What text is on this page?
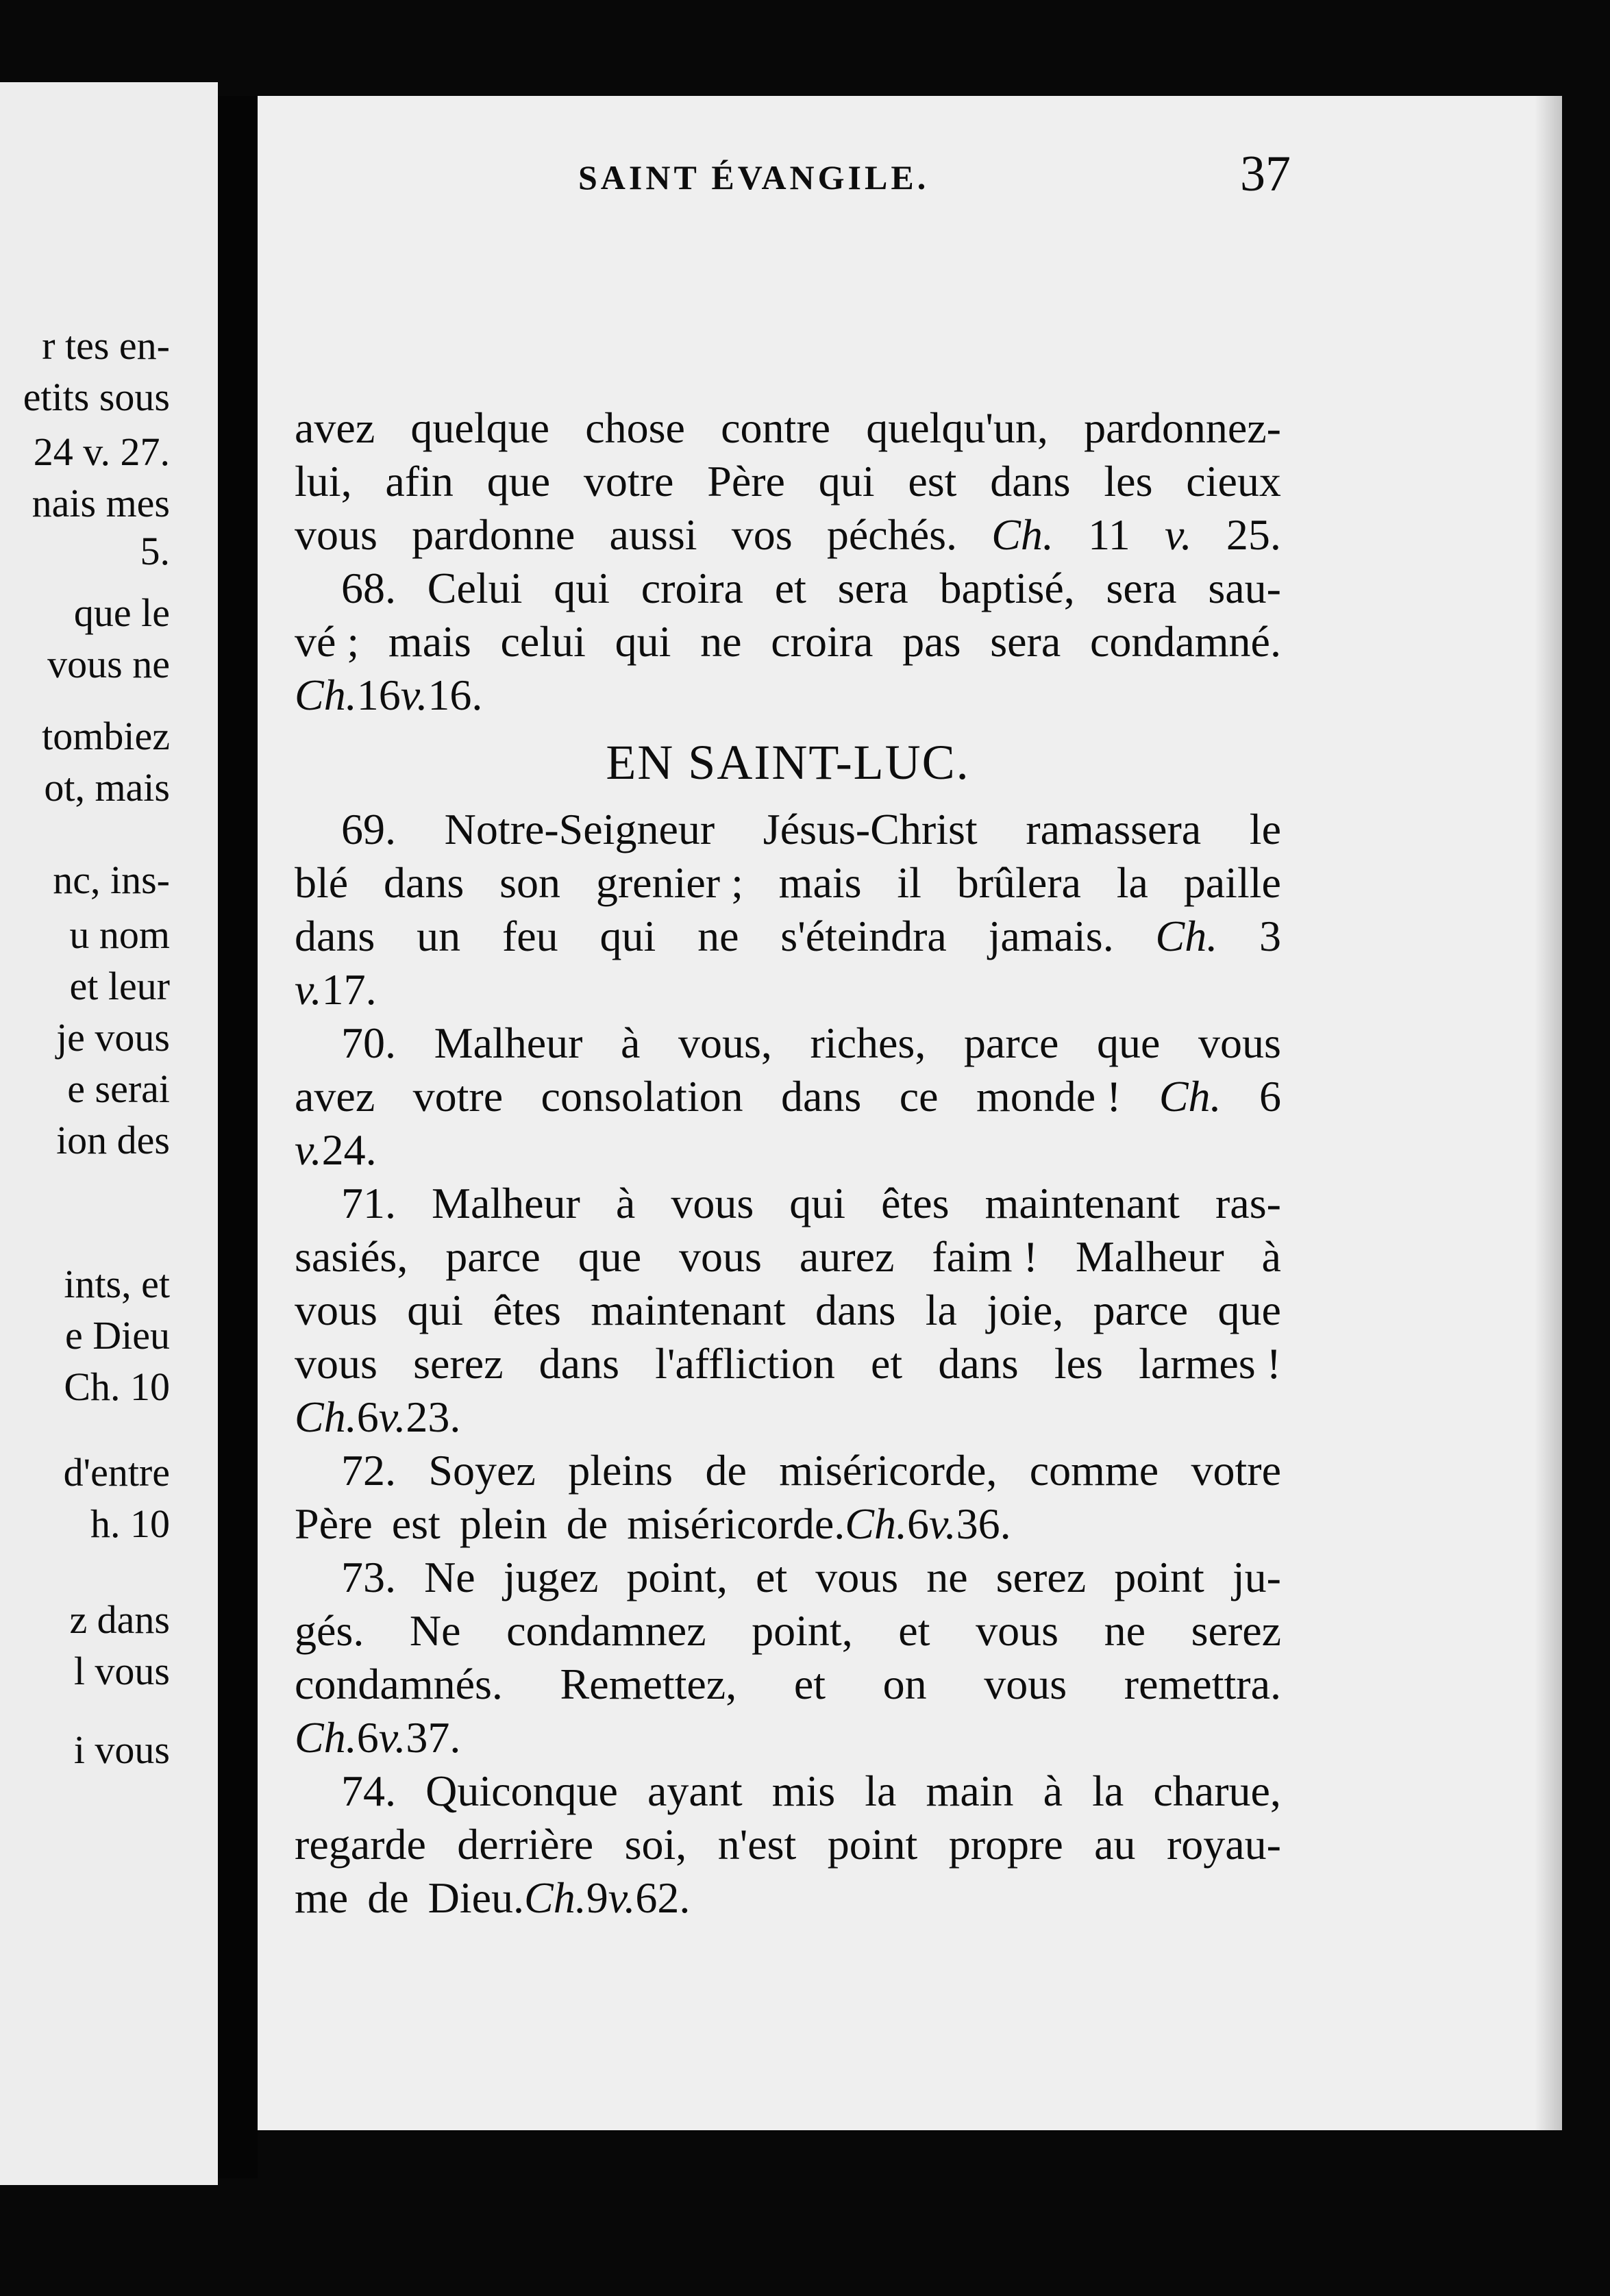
r tes en-
etits sous
24 v. 27.
nais mes
5.
que le
vous ne
tombiez
ot, mais
nc, ins-
u nom
et leur
je vous
e serai
ion des
ints, et
e Dieu
Ch. 10
d'entre
h. 10
z dans
l vous
i vous
SAINT ÉVANGILE.	37
avez quelque chose contre quelqu'un, pardonnez-
lui, afin que votre Père qui est dans les cieux
vous pardonne aussi vos péchés. Ch. 11 v. 25.
68. Celui qui croira et sera baptisé, sera sau-
vé ; mais celui qui ne croira pas sera condamné.
Ch. 16 v. 16.
EN SAINT-LUC.
69. Notre-Seigneur Jésus-Christ ramassera le
blé dans son grenier ; mais il brûlera la paille
dans un feu qui ne s'éteindra jamais. Ch. 3
v. 17.
70. Malheur à vous, riches, parce que vous
avez votre consolation dans ce monde ! Ch. 6
v. 24.
71. Malheur à vous qui êtes maintenant ras-
sasiés, parce que vous aurez faim ! Malheur à
vous qui êtes maintenant dans la joie, parce que
vous serez dans l'affliction et dans les larmes !
Ch. 6 v. 23.
72. Soyez pleins de miséricorde, comme votre
Père est plein de miséricorde. Ch. 6 v. 36.
73. Ne jugez point, et vous ne serez point ju-
gés. Ne condamnez point, et vous ne serez
condamnés. Remettez, et on vous remettra.
Ch. 6 v. 37.
74. Quiconque ayant mis la main à la charue,
regarde derrière soi, n'est point propre au royau-
me de Dieu. Ch. 9 v. 62.
